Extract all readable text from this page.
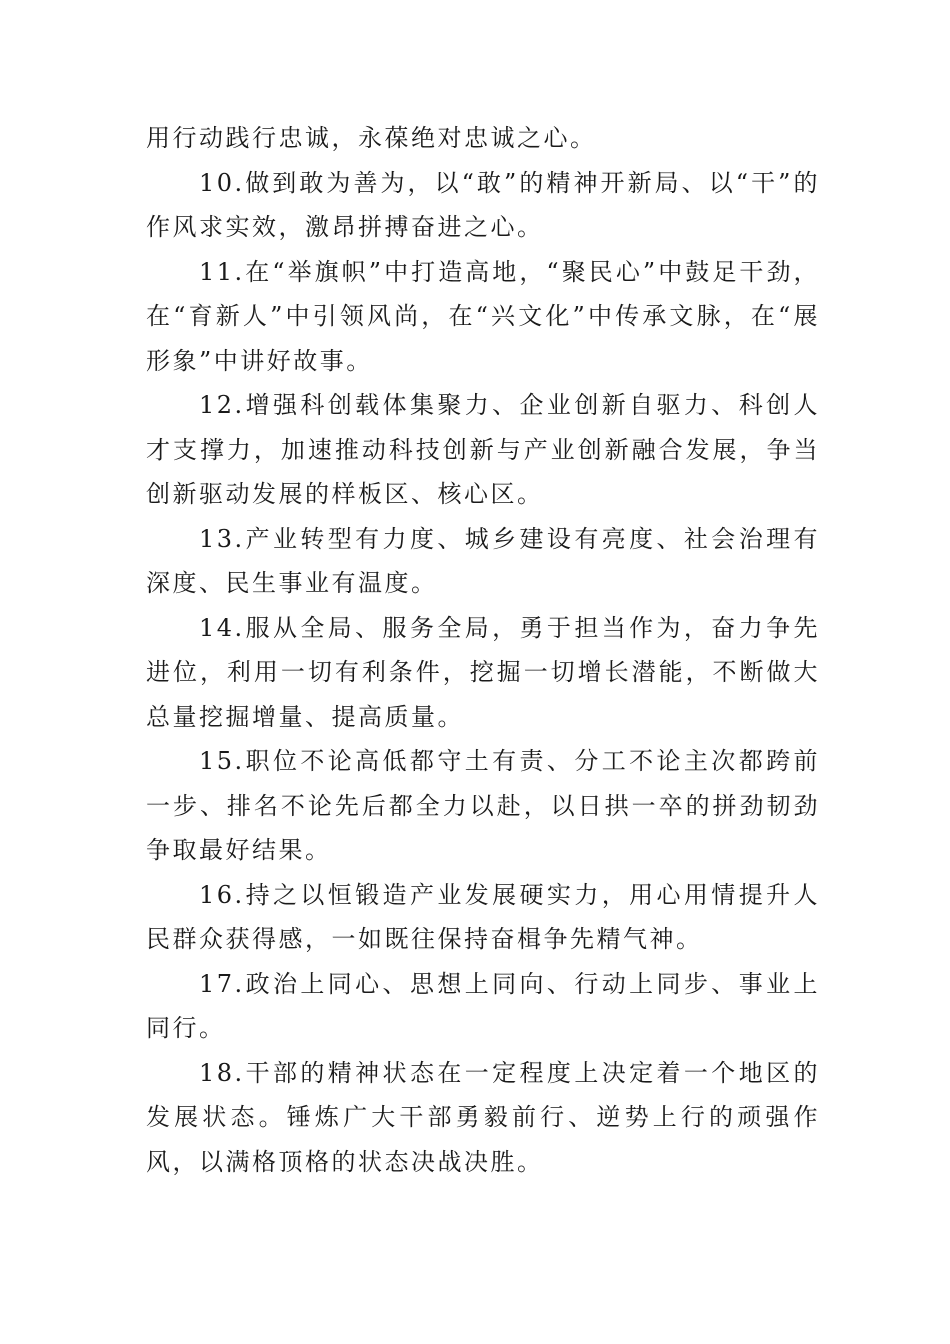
用行动践行忠诚，永葆绝对忠诚之心。

10.做到敢为善为，以“敢”的精神开新局、以“干”的作风求实效，激昂拼搏奋进之心。

11.在“举旗帜”中打造高地，“聚民心”中鼓足干劲，在“育新人”中引领风尚，在“兴文化”中传承文脉，在“展形象”中讲好故事。

12.增强科创载体集聚力、企业创新自驱力、科创人才支撑力，加速推动科技创新与产业创新融合发展，争当创新驱动发展的样板区、核心区。

13.产业转型有力度、城乡建设有亮度、社会治理有深度、民生事业有温度。

14.服从全局、服务全局，勇于担当作为，奋力争先进位，利用一切有利条件，挖掘一切增长潜能，不断做大总量挖掘增量、提高质量。

15.职位不论高低都守土有责、分工不论主次都跨前一步、排名不论先后都全力以赴，以日拱一卒的拼劲韧劲争取最好结果。

16.持之以恒锻造产业发展硬实力，用心用情提升人民群众获得感，一如既往保持奋楫争先精气神。

17.政治上同心、思想上同向、行动上同步、事业上同行。

18.干部的精神状态在一定程度上决定着一个地区的发展状态。锤炼广大干部勇毅前行、逆势上行的顽强作风，以满格顶格的状态决战决胜。
